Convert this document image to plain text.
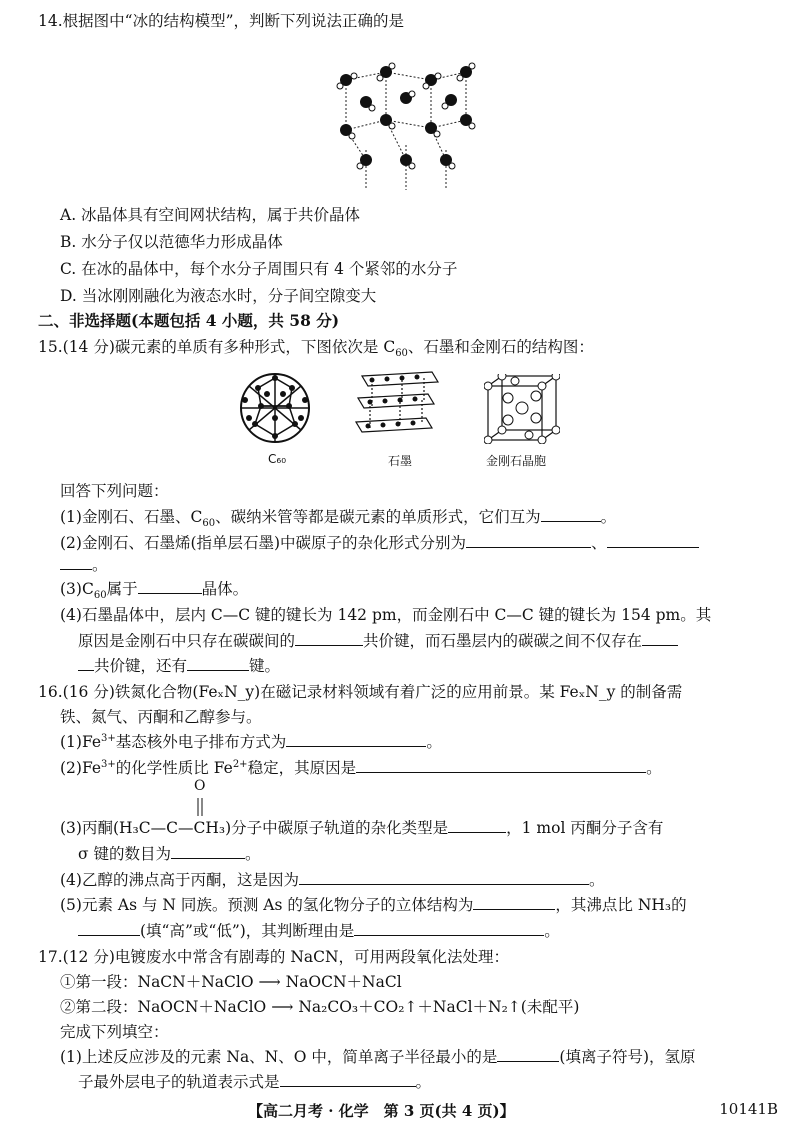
14.根据图中“冰的结构模型”，判断下列说法正确的是
A. 冰晶体具有空间网状结构，属于共价晶体
B. 水分子仅以范德华力形成晶体
C. 在冰的晶体中，每个水分子周围只有 4 个紧邻的水分子
D. 当冰刚刚融化为液态水时，分子间空隙变大
二、非选择题(本题包括 4 小题，共 58 分)
15.(14 分)碳元素的单质有多种形式，下图依次是 $C_{60}$、石墨和金刚石的结构图：
C₆₀	石墨	金刚石晶胞
回答下列问题：
(1)金刚石、石墨、$C_{60}$、碳纳米管等都是碳元素的单质形式，它们互为	。
(2)金刚石、石墨烯(指单层石墨)中碳原子的杂化形式分别为	、
。
$(3)C_{60}$属于	晶体。
(4)石墨晶体中，层内 C—C 键的键长为 142 pm，而金刚石中 C—C 键的键长为 154 pm。其
原因是金刚石中只存在碳碳间的	共价键，而石墨层内的碳碳之间不仅存在
共价键，还有	键。
16.(16 分)铁氮化合物(FeₓN_y)在磁记录材料领域有着广泛的应用前景。某 FeₓN_y 的制备需
铁、氮气、丙酮和乙醇参与。
$(1)Fe^{3+}$基态核外电子排布方式为	。
$(2)Fe^{3+}$的化学性质比 $Fe^{2+}$稳定，其原因是	。
O
(3)丙酮(H₃C—C—CH₃)分子中碳原子轨道的杂化类型是	，1 mol 丙酮分子含有
σ 键的数目为	。
(4)乙醇的沸点高于丙酮，这是因为	。
(5)元素 As 与 N 同族。预测 As 的氢化物分子的立体结构为	，其沸点比 NH₃的
(填“高”或“低”)，其判断理由是	。
17.(12 分)电镀废水中常含有剧毒的 NaCN，可用两段氧化法处理：
①第一段：NaCN＋NaClO ⟶ NaOCN＋NaCl
②第二段：NaOCN＋NaClO ⟶ Na₂CO₃＋CO₂↑＋NaCl＋N₂↑(未配平)
完成下列填空：
(1)上述反应涉及的元素 Na、N、O 中，简单离子半径最小的是	(填离子符号)，氢原
子最外层电子的轨道表示式是	。
【高二月考 · 化学　第 3 页(共 4 页)】	10141B
